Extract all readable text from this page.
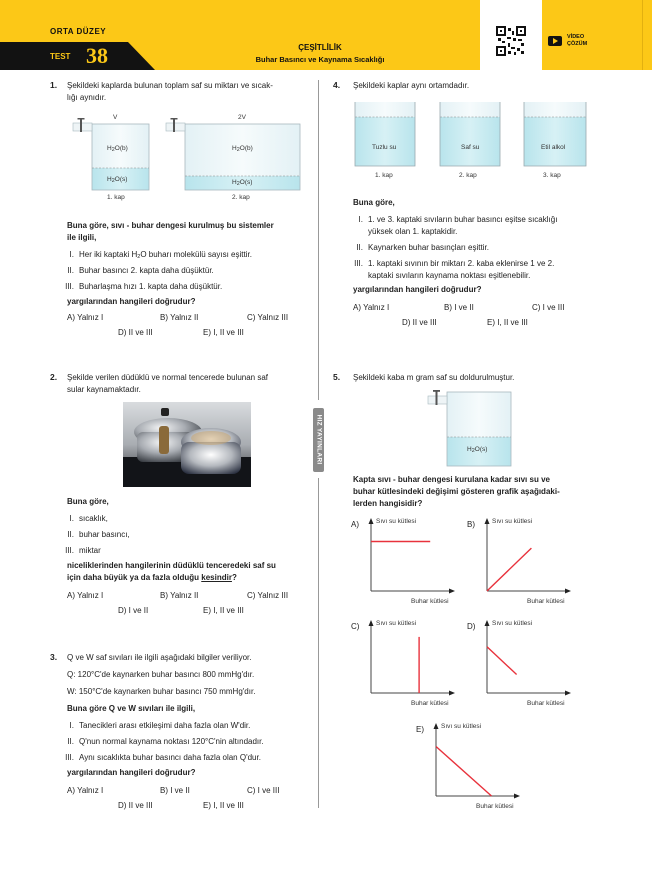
ORTA DÜZEY
TEST 38	ÇEŞİTLİLİK
Buhar Basıncı ve Kaynama Sıcaklığı
VİDEO
ÇÖZÜM
HIZ YAYINLARI
1. Şekildeki kaplarda bulunan toplam saf su miktarı ve sıcak-
lığı aynıdır.
V	2V
$H_2O(b)$
$H_2O(s)$
$H_2O(b)$
$H_2O(s)$
1. kap	2. kap
Buna göre, sıvı - buhar dengesi kurulmuş bu sistemler
ile ilgili,
I. Her iki kaptaki $H_2O$ buharı molekülü sayısı eşittir.
II. Buhar basıncı 2. kapta daha düşüktür.
III. Buharlaşma hızı 1. kapta daha düşüktür.
yargılarından hangileri doğrudur?
A) Yalnız I	B) Yalnız II	C) Yalnız III
D) II ve III	E) I, II ve III
2. Şekilde verilen düdüklü ve normal tencerede bulunan saf
sular kaynamaktadır.
Buna göre,
I. sıcaklık,
II. buhar basıncı,
III. miktar
niceliklerinden hangilerinin düdüklü tenceredeki saf su
için daha büyük ya da fazla olduğu kesindir?
A) Yalnız I	B) Yalnız II	C) Yalnız III
D) I ve II	E) I, II ve III
3. Q ve W saf sıvıları ile ilgili aşağıdaki bilgiler veriliyor.
Q: 120°C'de kaynarken buhar basıncı 800 mmHg'dır.
W: 150°C'de kaynarken buhar basıncı 750 mmHg'dır.
Buna göre Q ve W sıvıları ile ilgili,
I. Tanecikleri arası etkileşimi daha fazla olan W'dir.
II. Q'nun normal kaynama noktası 120°C'nin altındadır.
III. Aynı sıcaklıkta buhar basıncı daha fazla olan Q'dur.
yargılarından hangileri doğrudur?
A) Yalnız I	B) I ve II	C) I ve III
D) II ve III	E) I, II ve III
4. Şekildeki kaplar aynı ortamdadır.
Tuzlu su	Saf su	Etil alkol
1. kap	2. kap	3. kap
Buna göre,
I. 1. ve 3. kaptaki sıvıların buhar basıncı eşitse sıcaklığı
yüksek olan 1. kaptakidir.
II. Kaynarken buhar basınçları eşittir.
III. 1. kaptaki sıvının bir miktarı 2. kaba eklenirse 1 ve 2.
kaptaki sıvıların kaynama noktası eşitlenebilir.
yargılarından hangileri doğrudur?
A) Yalnız I	B) I ve II	C) I ve III
D) II ve III	E) I, II ve III
5. Şekildeki kaba m gram saf su doldurulmuştur.
$H_2O(s)$
Kapta sıvı - buhar dengesi kurulana kadar sıvı su ve
buhar kütlesindeki değişimi gösteren grafik aşağıdaki-
lerden hangisidir?
Sıvı su kütlesi
Buhar kütlesi
A)	Sıvı su kütlesi
Buhar kütlesi
B)
Sıvı su kütlesi
Buhar kütlesi
C)	Sıvı su kütlesi
Buhar kütlesi
D)
Sıvı su kütlesi
Buhar kütlesi
E)
